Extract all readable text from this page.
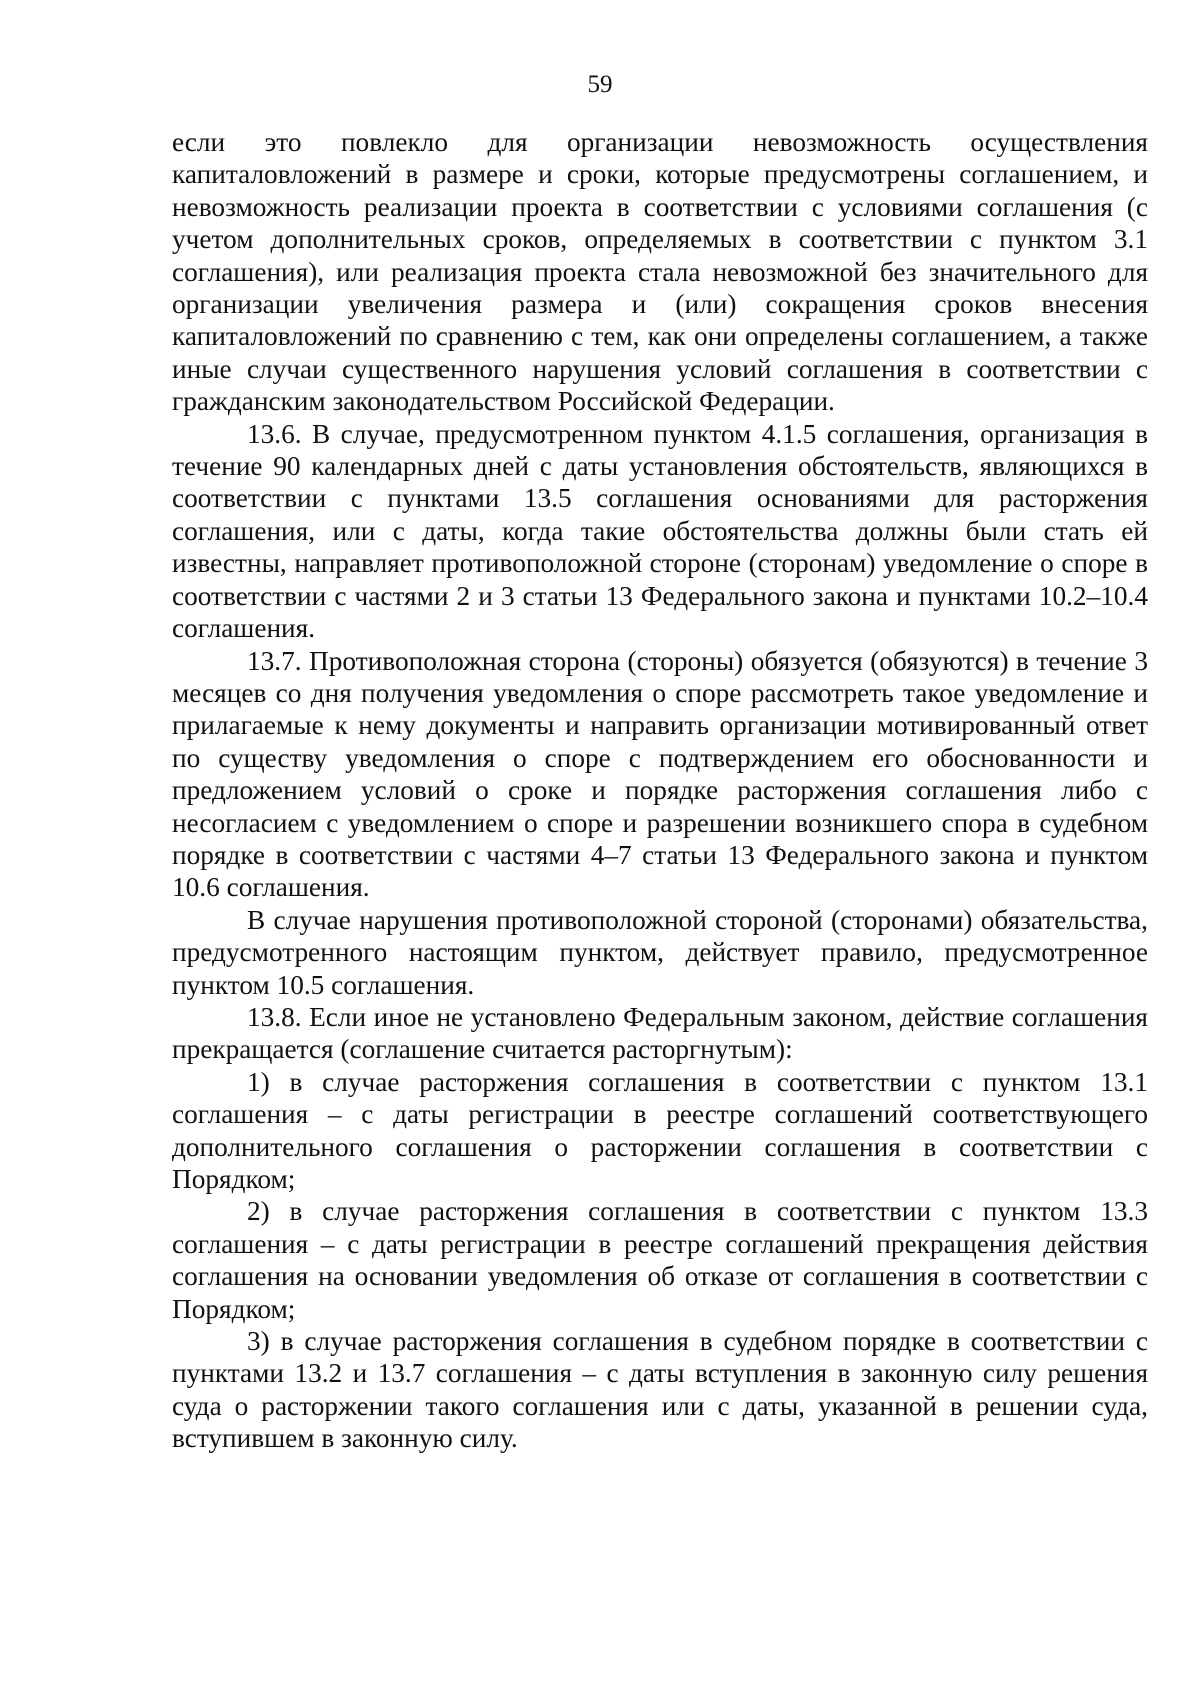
59

если это повлекло для организации невозможность осуществления капиталовложений в размере и сроки, которые предусмотрены соглашением, и невозможность реализации проекта в соответствии с условиями соглашения (с учетом дополнительных сроков, определяемых в соответствии с пунктом 3.1 соглашения), или реализация проекта стала невозможной без значительного для организации увеличения размера и (или) сокращения сроков внесения капиталовложений по сравнению с тем, как они определены соглашением, а также иные случаи существенного нарушения условий соглашения в соответствии с гражданским законодательством Российской Федерации.

13.6. В случае, предусмотренном пунктом 4.1.5 соглашения, организация в течение 90 календарных дней с даты установления обстоятельств, являющихся в соответствии с пунктами 13.5 соглашения основаниями для расторжения соглашения, или с даты, когда такие обстоятельства должны были стать ей известны, направляет противоположной стороне (сторонам) уведомление о споре в соответствии с частями 2 и 3 статьи 13 Федерального закона и пунктами 10.2–10.4 соглашения.

13.7. Противоположная сторона (стороны) обязуется (обязуются) в течение 3 месяцев со дня получения уведомления о споре рассмотреть такое уведомление и прилагаемые к нему документы и направить организации мотивированный ответ по существу уведомления о споре с подтверждением его обоснованности и предложением условий о сроке и порядке расторжения соглашения либо с несогласием с уведомлением о споре и разрешении возникшего спора в судебном порядке в соответствии с частями 4–7 статьи 13 Федерального закона и пунктом 10.6 соглашения.

В случае нарушения противоположной стороной (сторонами) обязательства, предусмотренного настоящим пунктом, действует правило, предусмотренное пунктом 10.5 соглашения.

13.8. Если иное не установлено Федеральным законом, действие соглашения прекращается (соглашение считается расторгнутым):

1) в случае расторжения соглашения в соответствии с пунктом 13.1 соглашения – с даты регистрации в реестре соглашений соответствующего дополнительного соглашения о расторжении соглашения в соответствии с Порядком;

2) в случае расторжения соглашения в соответствии с пунктом 13.3 соглашения – с даты регистрации в реестре соглашений прекращения действия соглашения на основании уведомления об отказе от соглашения в соответствии с Порядком;

3) в случае расторжения соглашения в судебном порядке в соответствии с пунктами 13.2 и 13.7 соглашения – с даты вступления в законную силу решения суда о расторжении такого соглашения или с даты, указанной в решении суда, вступившем в законную силу.
